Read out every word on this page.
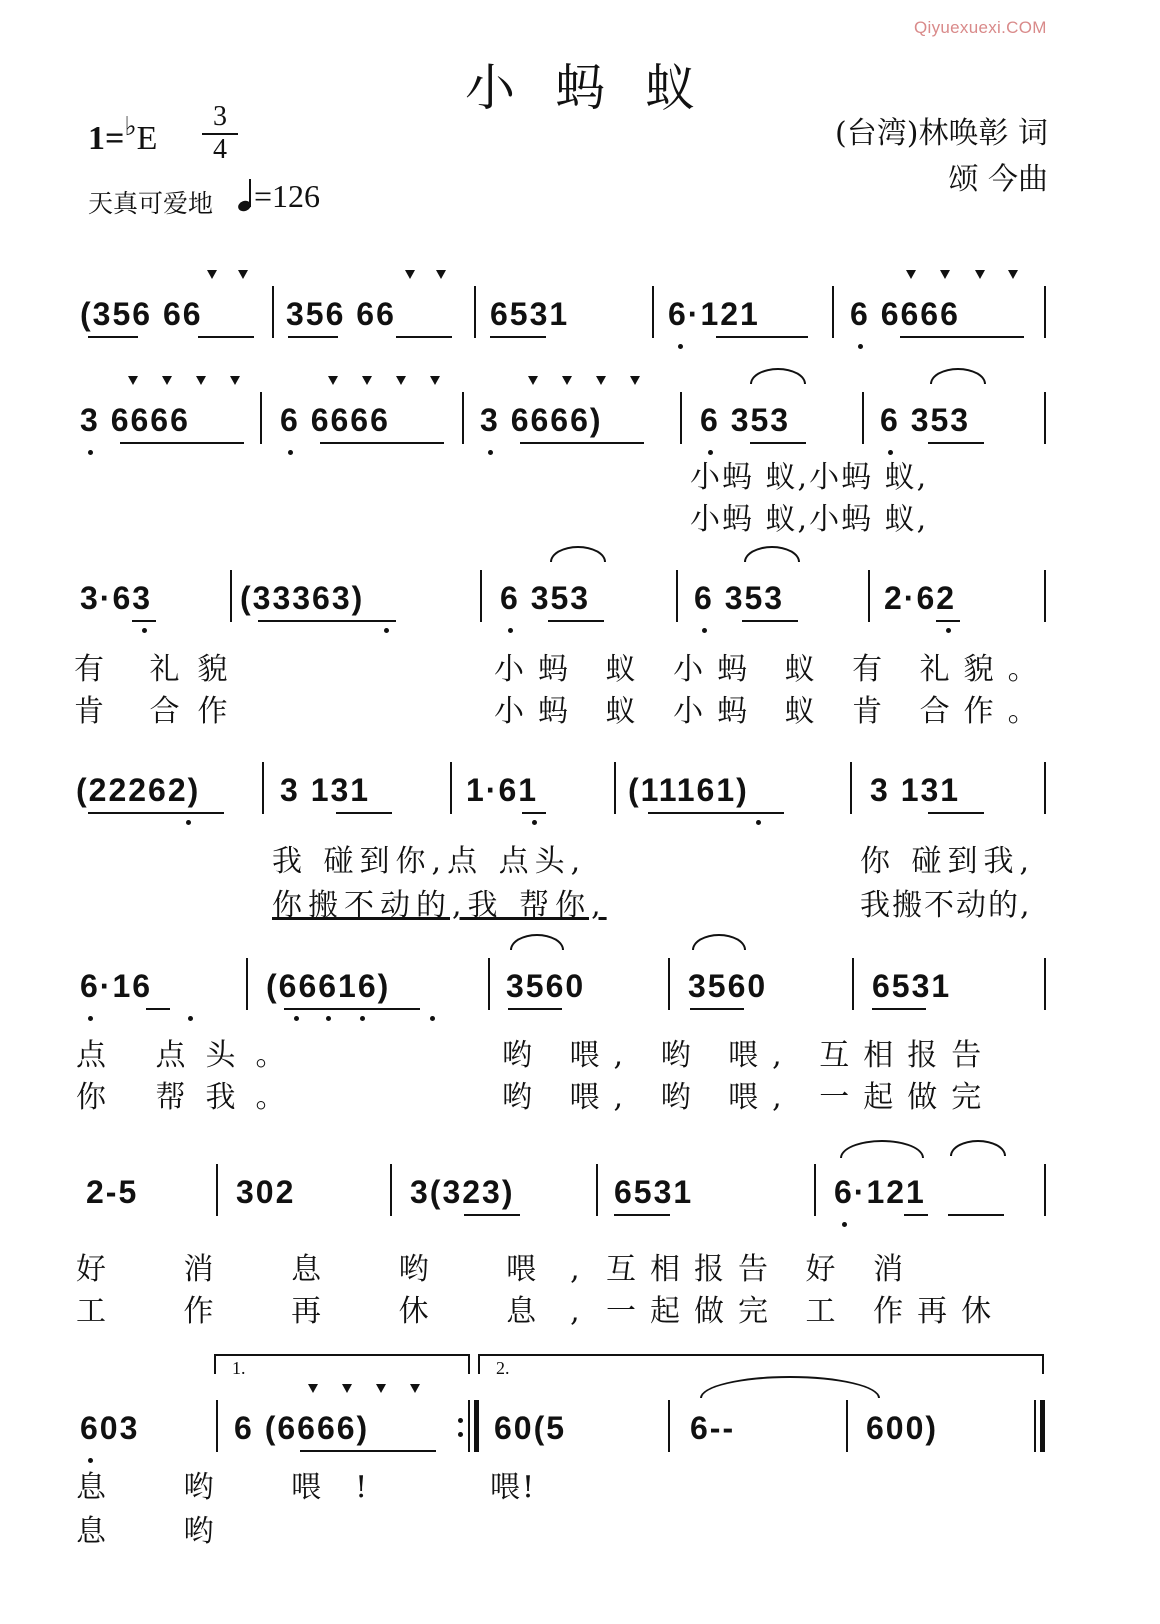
Qiyuexuexi.COM
小蚂蚁
1=♭E
3
4	(台湾)林唤彰 词
颂 今曲
天真可爱地	=126
(356 66	356 66	6531	6·121	6 6666
3 6666	6 6666	3 6666)	6 353	6 353
小蚂 蚁,小蚂 蚁,
小蚂 蚁,小蚂 蚁,
3·63	(33363)	6 353	6 353	2·62
有 礼貌
肯 合作
小蚂 蚁 小蚂 蚁 有 礼貌。
小蚂 蚁 小蚂 蚁 肯 合作。
(22262) 3 131	1·61	(11161)	3 131
我 碰到你,点 点头,
你搬不动的,我 帮你,
你 碰到我,
我搬不动的,
6·16	(66616)	3560	3560	6531
点 点头。
你 帮我。
哟 喂, 哟 喂, 互相报告
哟 喂, 哟 喂, 一起做完
2-5	302	3(323)	6531	6·121
好 消 息 哟 喂,
工 作 再 休 息,
互相报告 好 消
一起做完 工 作再休
1.	2.
603	6 (6666)	60(5	6--	600)
息 哟 喂!
息 哟
喂!
